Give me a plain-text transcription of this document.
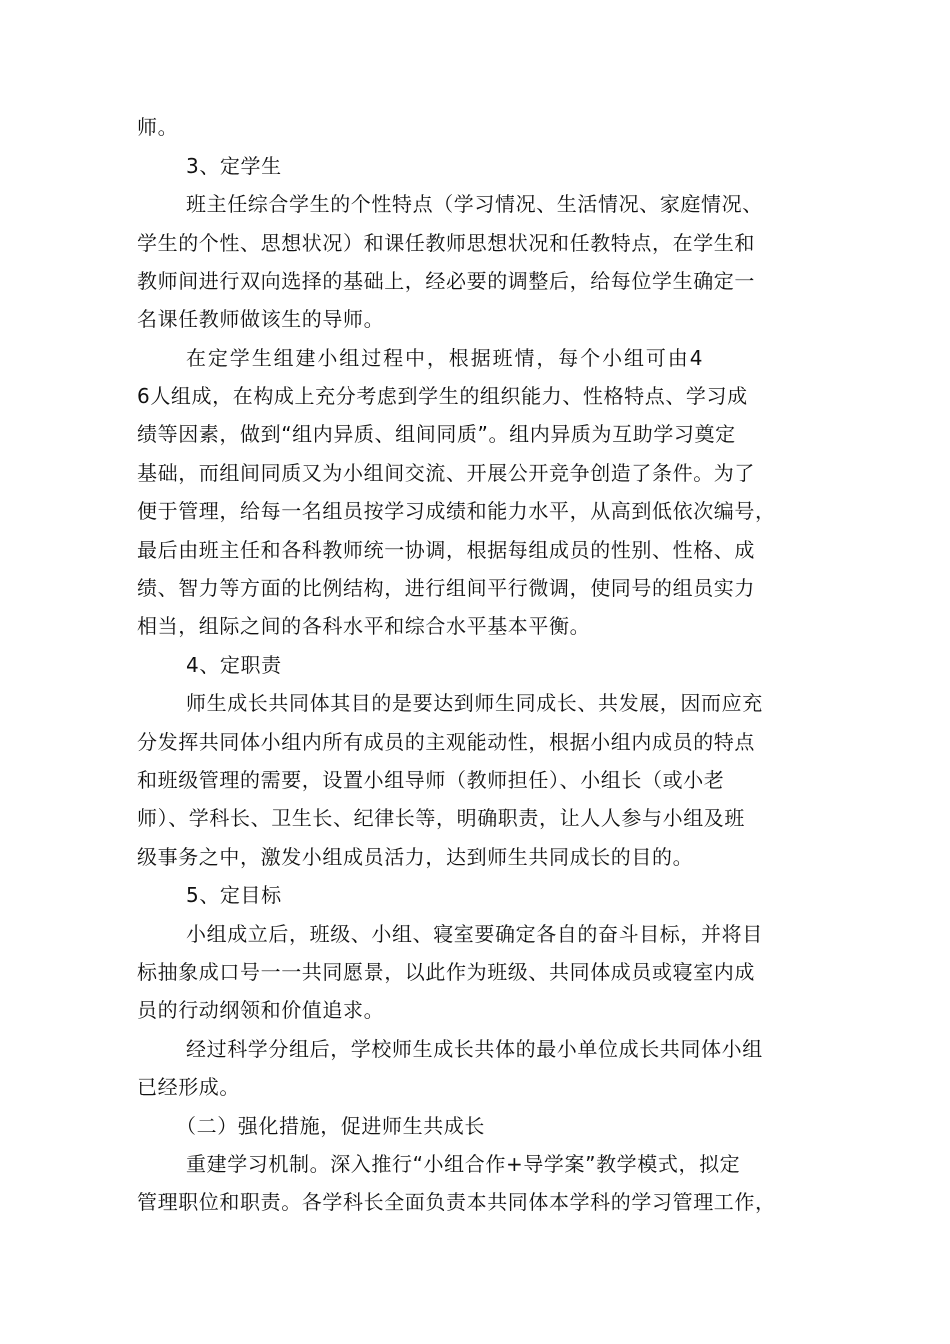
师。
3、定学生
班主任综合学生的个性特点（学习情况、生活情况、家庭情况、
学生的个性、思想状况）和课任教师思想状况和任教特点，在学生和
教师间进行双向选择的基础上，经必要的调整后，给每位学生确定一
名课任教师做该生的导师。
在定学生组建小组过程中，根据班情，每个小组可由4
6人组成，在构成上充分考虑到学生的组织能力、性格特点、学习成
绩等因素，做到“组内异质、组间同质”。组内异质为互助学习奠定
基础，而组间同质又为小组间交流、开展公开竞争创造了条件。为了
便于管理，给每一名组员按学习成绩和能力水平，从高到低依次编号，
最后由班主任和各科教师统一协调，根据每组成员的性别、性格、成
绩、智力等方面的比例结构，进行组间平行微调，使同号的组员实力
相当，组际之间的各科水平和综合水平基本平衡。
4、定职责
师生成长共同体其目的是要达到师生同成长、共发展，因而应充
分发挥共同体小组内所有成员的主观能动性，根据小组内成员的特点
和班级管理的需要，设置小组导师（教师担任）、小组长（或小老
师）、学科长、卫生长、纪律长等，明确职责，让人人参与小组及班
级事务之中，激发小组成员活力，达到师生共同成长的目的。
5、定目标
小组成立后，班级、小组、寝室要确定各自的奋斗目标，并将目
标抽象成口号一一共同愿景，以此作为班级、共同体成员或寝室内成
员的行动纲领和价值追求。
经过科学分组后，学校师生成长共体的最小单位成长共同体小组
已经形成。
（二）强化措施，促进师生共成长
重建学习机制。深入推行“小组合作+导学案”教学模式，拟定
管理职位和职责。各学科长全面负责本共同体本学科的学习管理工作，
